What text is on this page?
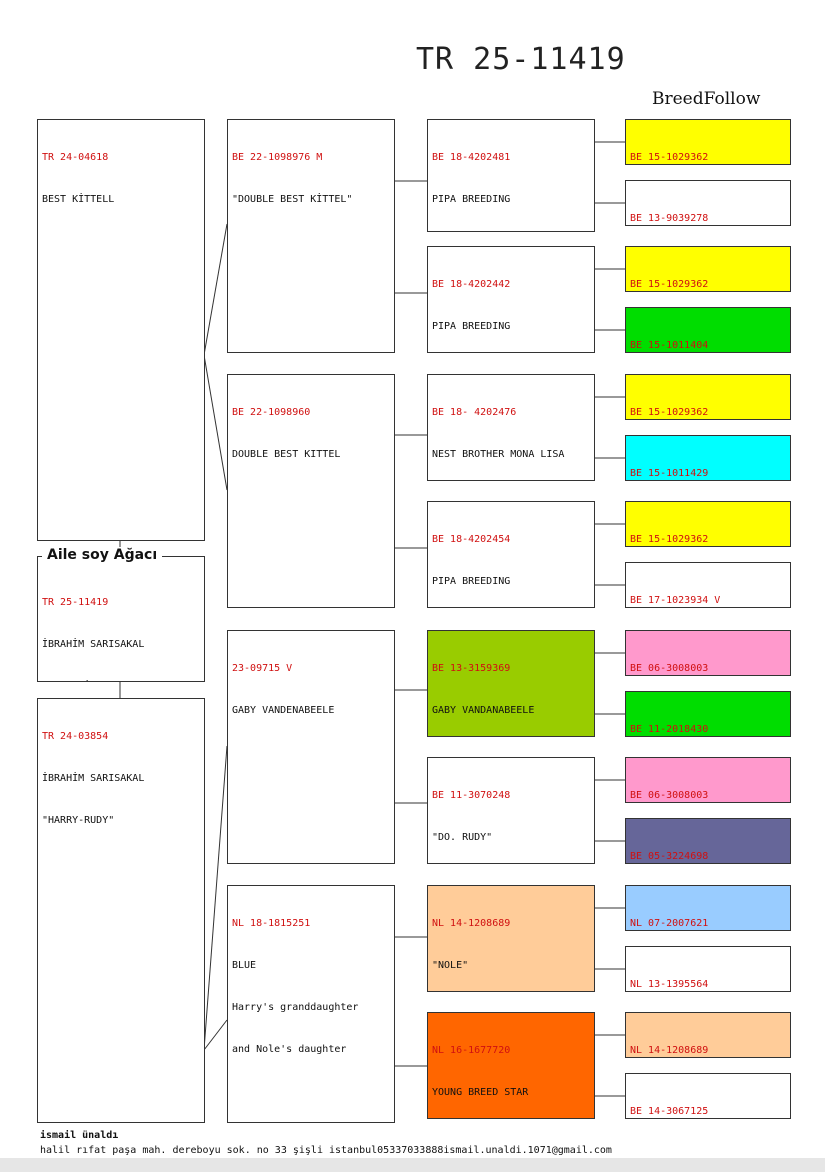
TR 25-11419
BreedFollow

TR 24-04618

BEST KİTTELL

TR 25-11419

İBRAHİM SARISAKAL

Aile soy Ağacı

TR 24-03854

İBRAHİM SARISAKAL

"HARRY-RUDY"

BE 22-1098976 M

"DOUBLE BEST KİTTEL"

BE 22-1098960

DOUBLE BEST KITTEL

23-09715 V

GABY VANDENABEELE

NL 18-1815251

BLUE

Harry's granddaughter

and Nole's daughter

BE 18-4202481

PIPA BREEDING

BE 18-4202442

PIPA BREEDING

BE 18- 4202476

NEST BROTHER MONA LISA

BE 18-4202454

PIPA BREEDING

BE 13-3159369

GABY VANDANABEELE

BE 11-3070248

"DO. RUDY"

NL 14-1208689

"NOLE"

NL 16-1677720

YOUNG BREED STAR

BE 15-1029362

BE 13-9039278

BE 15-1029362

BE 15-1011404

BE 15-1029362

BE 15-1011429

BE 15-1029362

BE 17-1023934 V

BE 06-3008003

BE 11-2018430

BE 06-3008003

BE 05-3224698

NL 07-2007621

NL 13-1395564

NL 14-1208689

BE 14-3067125

ismail ünaldı
halil rıfat paşa mah. dereboyu sok. no 33 şişli istanbul05337033888ismail.unaldi.1071@gmail.com
